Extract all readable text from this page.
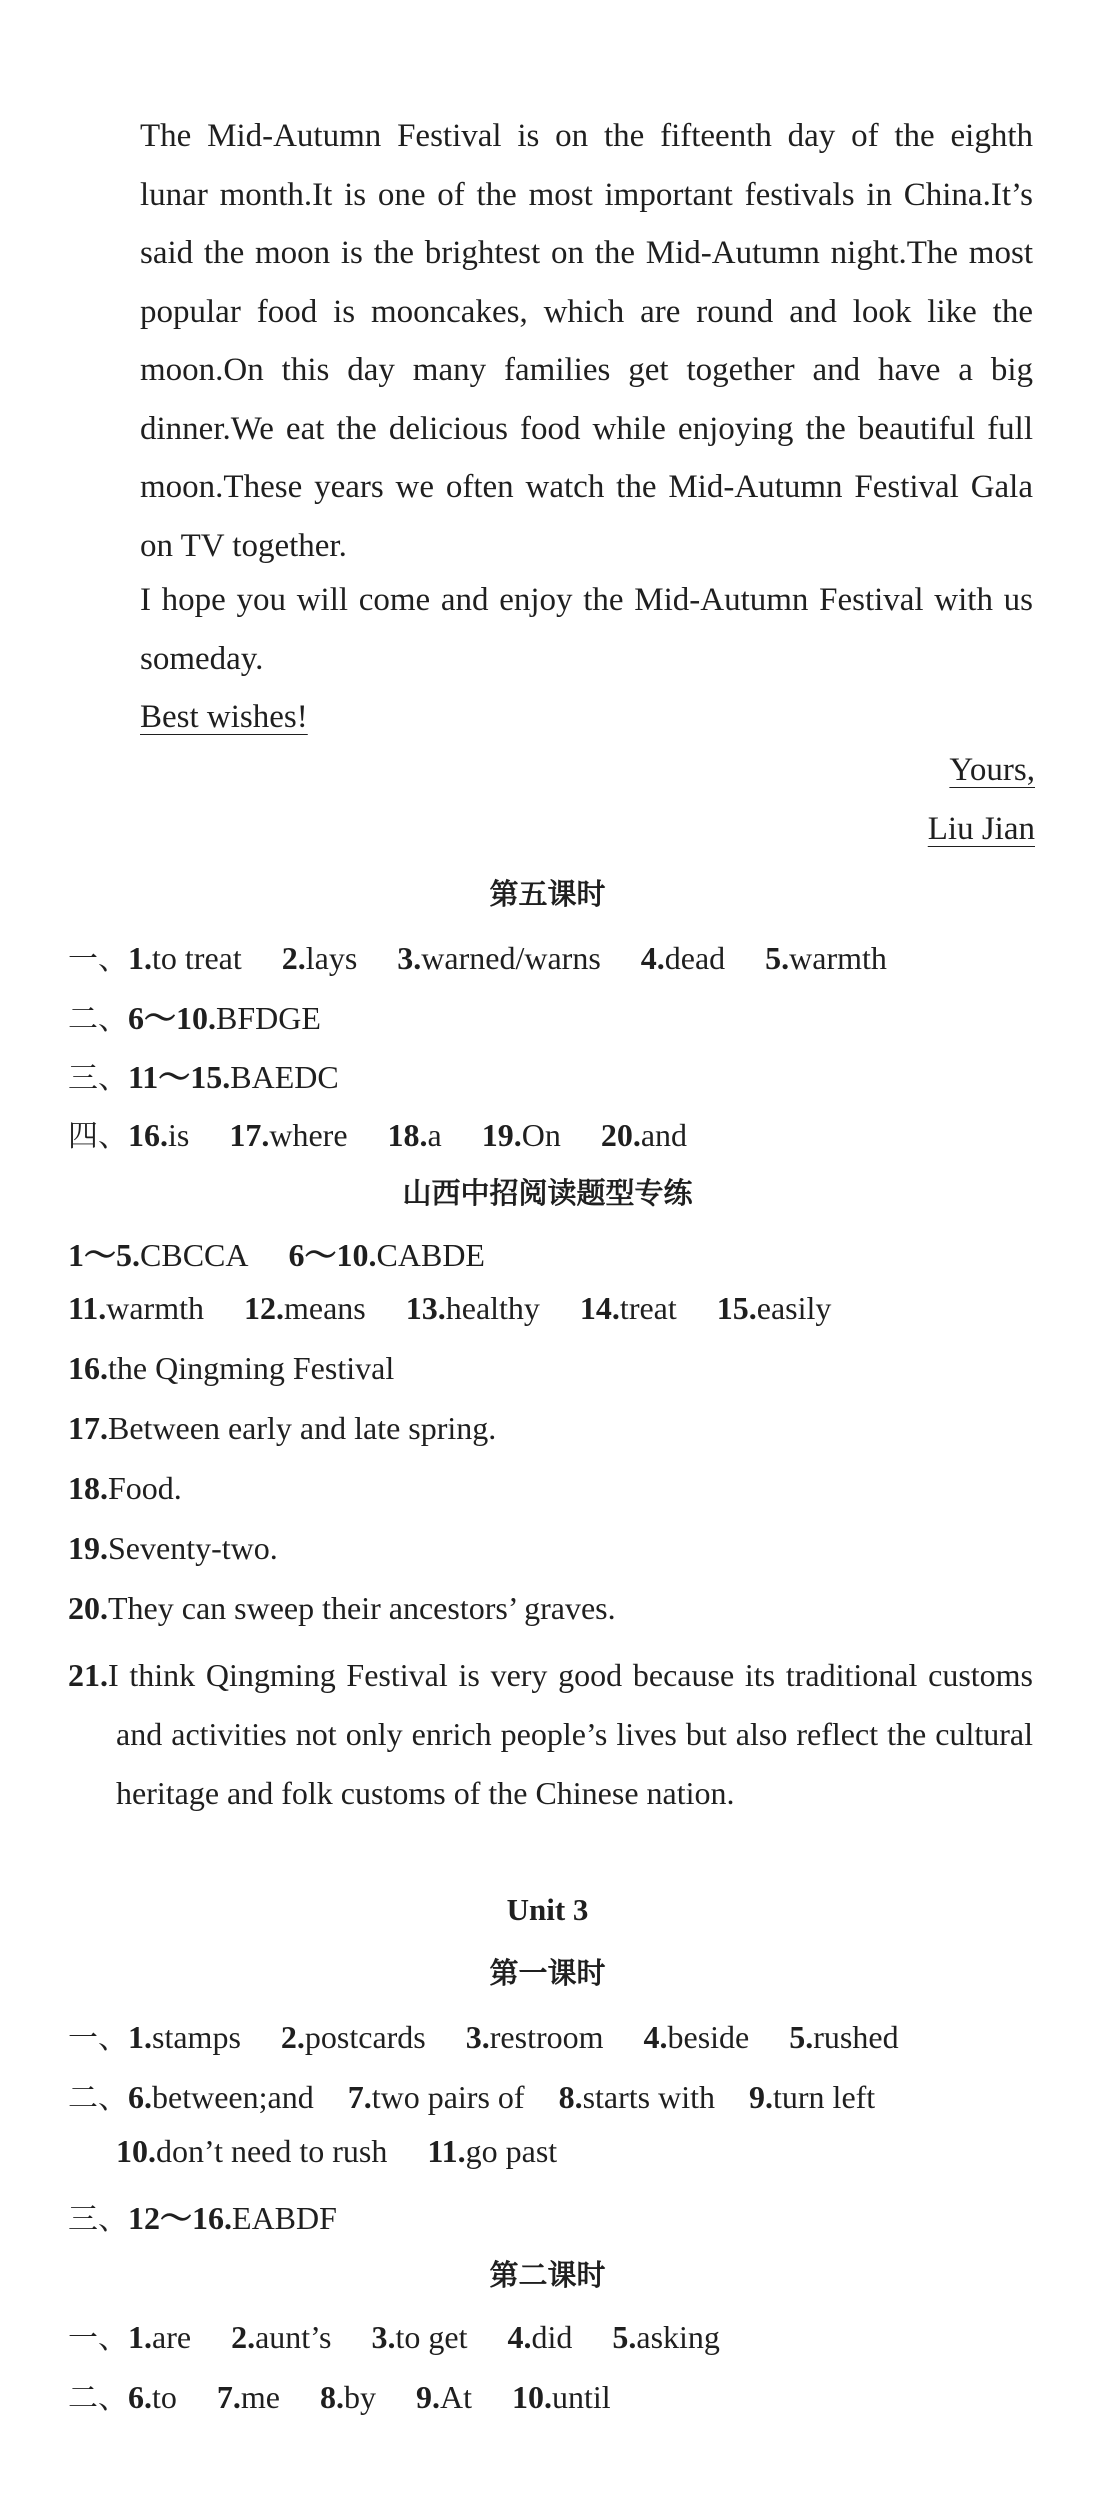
The Mid-Autumn Festival is on the fifteenth day of the eighth lunar month.It is one of the most important festivals in China.It’s said the moon is the brightest on the Mid-Autumn night.The most popular food is mooncakes, which are round and look like the moon.On this day many families get together and have a big dinner.We eat the delicious food while enjoying the beautiful full moon.These years we often watch the Mid-Autumn Festival Gala on TV together.
I hope you will come and enjoy the Mid-Autumn Festival with us someday.
Best wishes!
Yours,
Liu Jian
第五课时
一、1.to treat 2.lays 3.warned/warns 4.dead 5.warmth
二、6～10.BFDGE
三、11～15.BAEDC
四、16.is 17.where 18.a 19.On 20.and
山西中招阅读题型专练
1～5.CBCCA 6～10.CABDE
11.warmth 12.means 13.healthy 14.treat 15.easily
16.the Qingming Festival
17.Between early and late spring.
18.Food.
19.Seventy-two.
20.They can sweep their ancestors’ graves.
21.I think Qingming Festival is very good because its traditional customs and activities not only enrich people’s lives but also reflect the cultural heritage and folk customs of the Chinese nation.
Unit 3
第一课时
一、1.stamps 2.postcards 3.restroom 4.beside 5.rushed
二、6.between;and 7.two pairs of 8.starts with 9.turn left
10.don’t need to rush 11.go past
三、12～16.EABDF
第二课时
一、1.are 2.aunt’s 3.to get 4.did 5.asking
二、6.to 7.me 8.by 9.At 10.until
